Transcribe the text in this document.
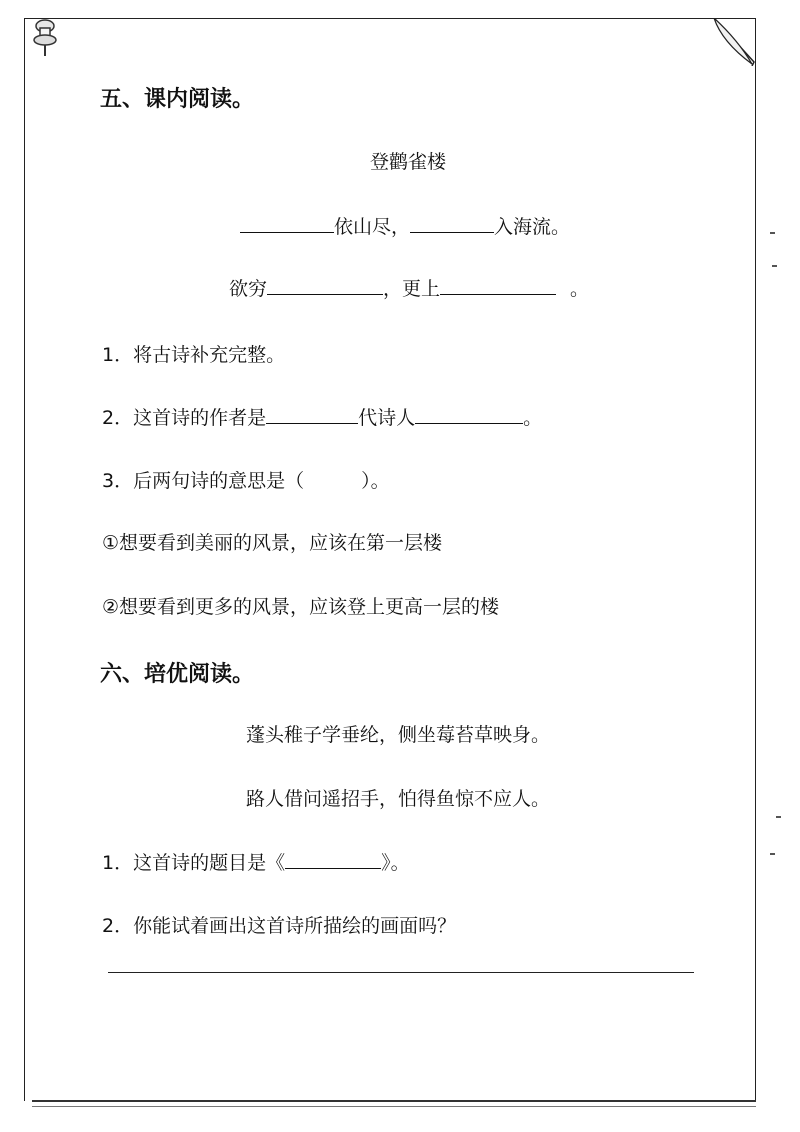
五、课内阅读。
登鹳雀楼
依山尽，	入海流。
欲穷	，更上	。
1．将古诗补充完整。
2．这首诗的作者是	代诗人	。
3．后两句诗的意思是（　　　）。
①想要看到美丽的风景，应该在第一层楼
②想要看到更多的风景，应该登上更高一层的楼
六、培优阅读。
蓬头稚子学垂纶，侧坐莓苔草映身。
路人借问遥招手，怕得鱼惊不应人。
1．这首诗的题目是《	》。
2．你能试着画出这首诗所描绘的画面吗？
